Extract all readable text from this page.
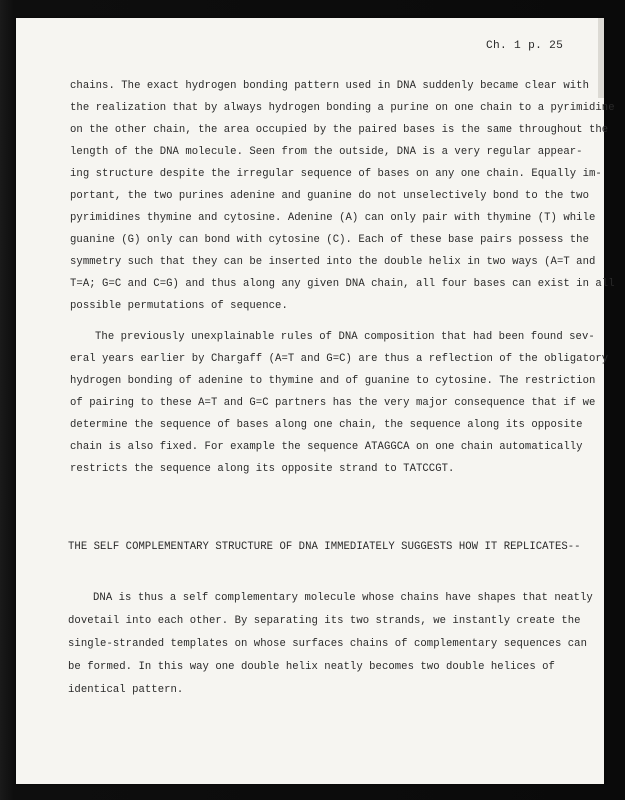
Ch. 1 p. 25
chains. The exact hydrogen bonding pattern used in DNA suddenly became clear with
the realization that by always hydrogen bonding a purine on one chain to a pyrimidine
on the other chain, the area occupied by the paired bases is the same throughout the
length of the DNA molecule. Seen from the outside, DNA is a very regular appear-
ing structure despite the irregular sequence of bases on any one chain. Equally im-
portant, the two purines adenine and guanine do not unselectively bond to the two
pyrimidines thymine and cytosine. Adenine (A) can only pair with thymine (T) while
guanine (G) only can bond with cytosine (C). Each of these base pairs possess the
symmetry such that they can be inserted into the double helix in two ways (A=T and
T=A; G=C and C=G) and thus along any given DNA chain, all four bases can exist in all
possible permutations of sequence.
The previously unexplainable rules of DNA composition that had been found sev-
eral years earlier by Chargaff (A=T and G=C) are thus a reflection of the obligatory
hydrogen bonding of adenine to thymine and of guanine to cytosine. The restriction
of pairing to these A=T and G=C partners has the very major consequence that if we
determine the sequence of bases along one chain, the sequence along its opposite
chain is also fixed. For example the sequence ATAGGCA on one chain automatically
restricts the sequence along its opposite strand to TATCCGT.
THE SELF COMPLEMENTARY STRUCTURE OF DNA IMMEDIATELY SUGGESTS HOW IT REPLICATES--
DNA is thus a self complementary molecule whose chains have shapes that neatly
dovetail into each other. By separating its two strands, we instantly create the
single-stranded templates on whose surfaces chains of complementary sequences can
be formed. In this way one double helix neatly becomes two double helices of
identical pattern.
